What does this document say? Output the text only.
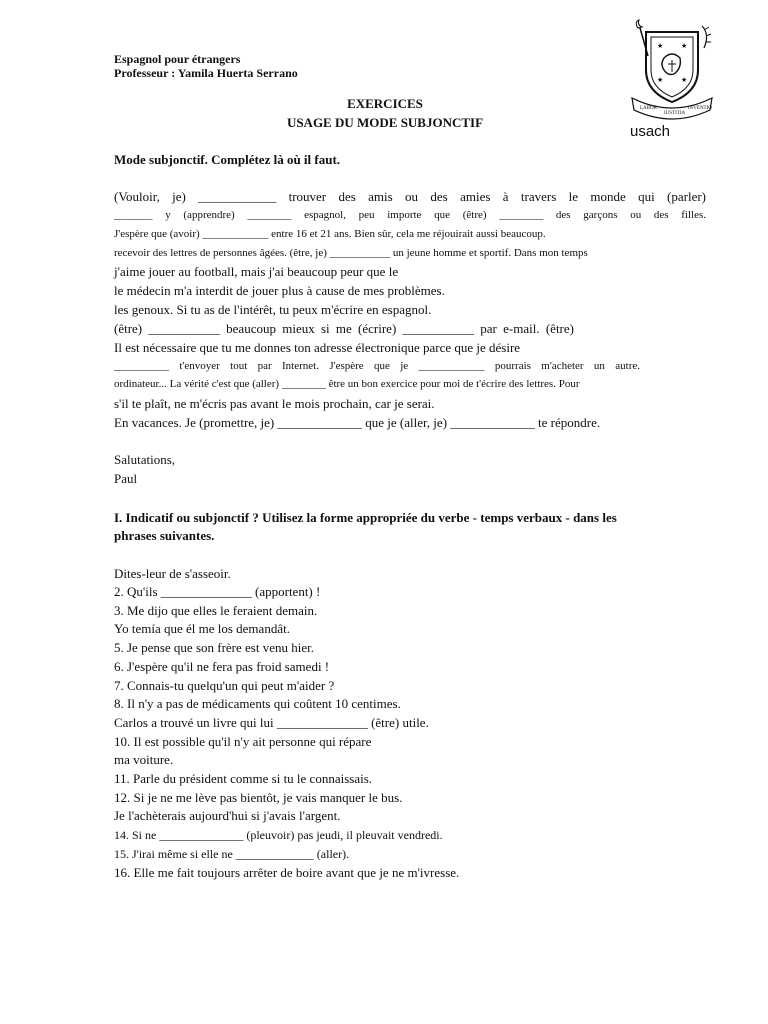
Espagnol pour étrangers
Professeur : Yamila Huerta Serrano
EXERCICES
USAGE DU MODE SUBJONCTIF
★	★
★	★
LABOR
IUSTITIA
INVENTIO
usach
Mode subjonctif. Complétez là où il faut.
(Vouloir, je) ____________ trouver des amis ou des amies à travers le monde qui (parler)
_______ y (apprendre) ________ espagnol, peu importe que (être) ________ des garçons ou des filles.
J'espère que (avoir) ____________ entre 16 et 21 ans. Bien sûr, cela me réjouirait aussi beaucoup.
recevoir des lettres de personnes âgées. (être, je) ___________ un jeune homme et sportif. Dans mon temps
j'aime jouer au football, mais j'ai beaucoup peur que le
le médecin m'a interdit de jouer plus à cause de mes problèmes.
les genoux. Si tu as de l'intérêt, tu peux m'écrire en espagnol.
(être) ___________ beaucoup mieux si me (écrire) ___________ par e-mail. (être)
Il est nécessaire que tu me donnes ton adresse électronique parce que je désire
__________ t'envoyer tout par Internet. J'espère que je ____________ pourrais m'acheter un autre.
ordinateur... La vérité c'est que (aller) ________ être un bon exercice pour moi de t'écrire des lettres. Pour
s'il te plaît, ne m'écris pas avant le mois prochain, car je serai.
En vacances. Je (promettre, je) _____________ que je (aller, je) _____________ te répondre.
Salutations,
Paul
I. Indicatif ou subjonctif ? Utilisez la forme appropriée du verbe - temps verbaux - dans les
phrases suivantes.
Dites-leur de s'asseoir.
2. Qu'ils ______________ (apportent) !
3. Me dijo que elles le feraient demain.
Yo temía que él me los demandât.
5. Je pense que son frère est venu hier.
6. J'espère qu'il ne fera pas froid samedi !
7. Connais-tu quelqu'un qui peut m'aider ?
8. Il n'y a pas de médicaments qui coûtent 10 centimes.
Carlos a trouvé un livre qui lui ______________ (être) utile.
10. Il est possible qu'il n'y ait personne qui répare
ma voiture.
11. Parle du président comme si tu le connaissais.
12. Si je ne me lève pas bientôt, je vais manquer le bus.
Je l'achèterais aujourd'hui si j'avais l'argent.
14. Si ne ______________ (pleuvoir) pas jeudi, il pleuvait vendredi.
15. J'irai même si elle ne _____________ (aller).
16. Elle me fait toujours arrêter de boire avant que je ne m'ivresse.
